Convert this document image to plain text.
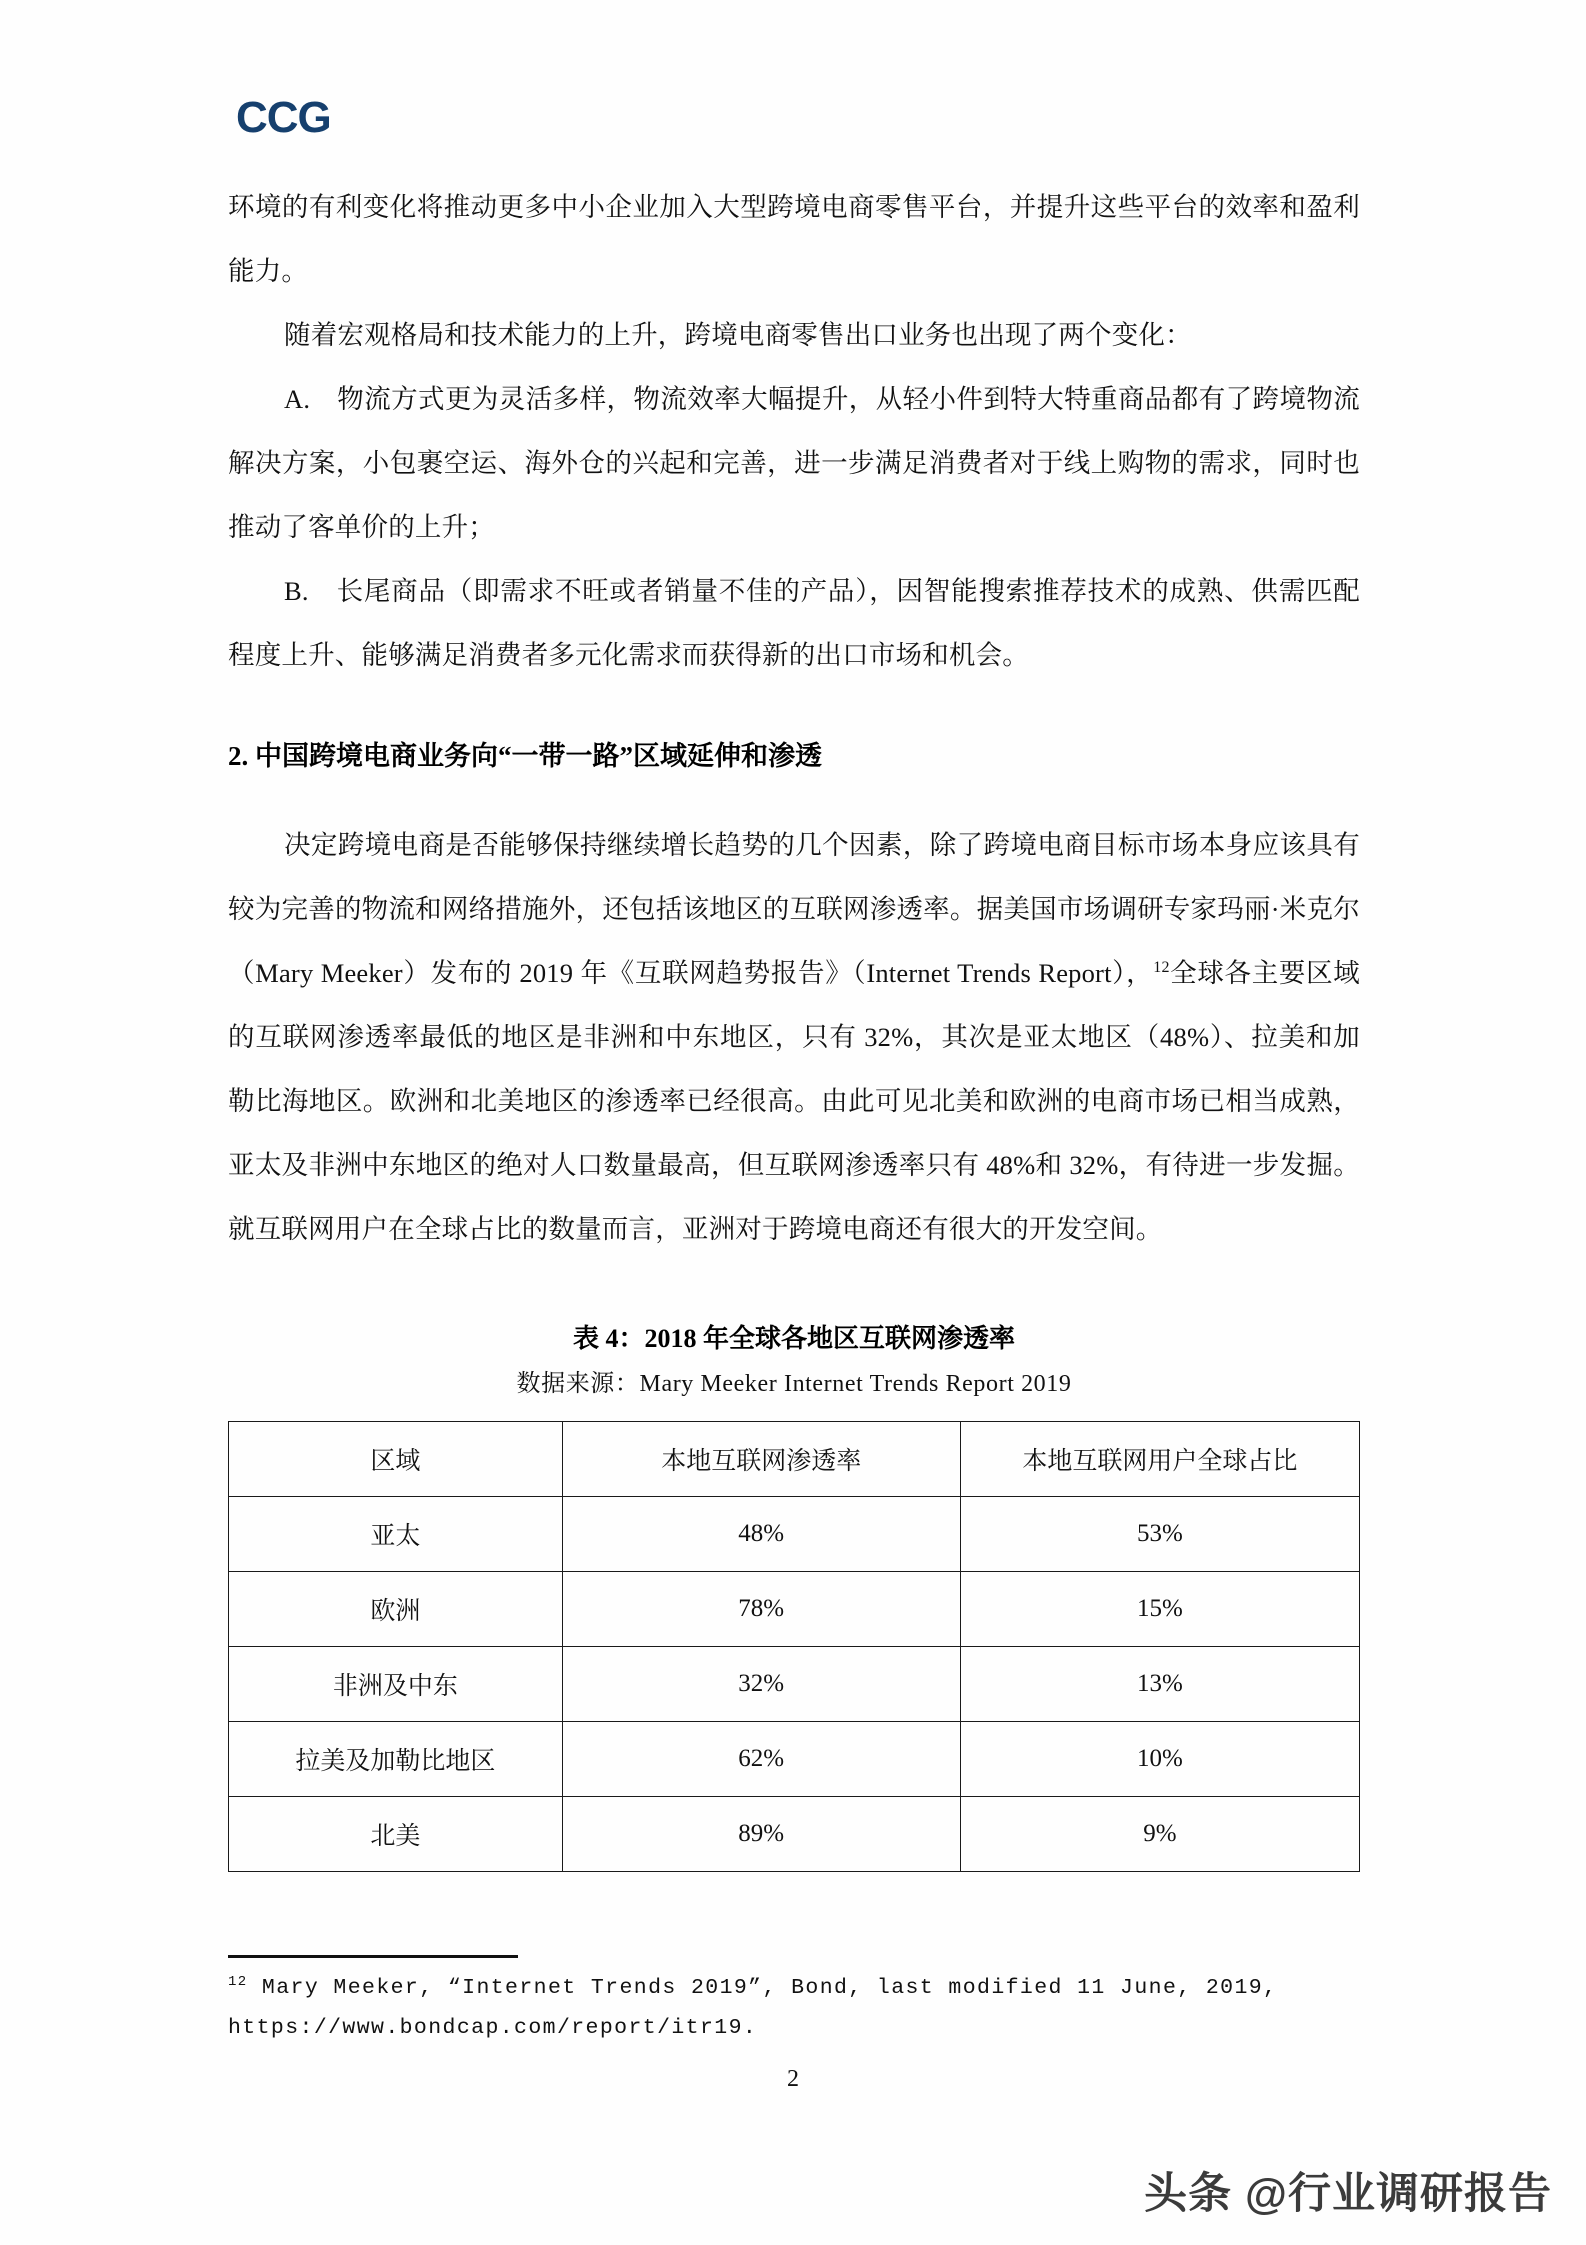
CCG

环境的有利变化将推动更多中小企业加入大型跨境电商零售平台，并提升这些平台的效率和盈利能力。

随着宏观格局和技术能力的上升，跨境电商零售出口业务也出现了两个变化：

A.　物流方式更为灵活多样，物流效率大幅提升，从轻小件到特大特重商品都有了跨境物流解决方案，小包裹空运、海外仓的兴起和完善，进一步满足消费者对于线上购物的需求，同时也推动了客单价的上升；

B.　长尾商品（即需求不旺或者销量不佳的产品），因智能搜索推荐技术的成熟、供需匹配程度上升、能够满足消费者多元化需求而获得新的出口市场和机会。

2. 中国跨境电商业务向“一带一路”区域延伸和渗透

决定跨境电商是否能够保持继续增长趋势的几个因素，除了跨境电商目标市场本身应该具有较为完善的物流和网络措施外，还包括该地区的互联网渗透率。据美国市场调研专家玛丽·米克尔（Mary Meeker）发布的 2019 年《互联网趋势报告》（Internet Trends Report），$^{12}$全球各主要区域的互联网渗透率最低的地区是非洲和中东地区，只有 32%，其次是亚太地区（48%）、拉美和加勒比海地区。欧洲和北美地区的渗透率已经很高。由此可见北美和欧洲的电商市场已相当成熟，亚太及非洲中东地区的绝对人口数量最高，但互联网渗透率只有 48%和 32%，有待进一步发掘。就互联网用户在全球占比的数量而言，亚洲对于跨境电商还有很大的开发空间。

表 4：2018 年全球各地区互联网渗透率
数据来源：Mary Meeker Internet Trends Report 2019
区域	本地互联网渗透率	本地互联网用户全球占比
亚太	48%	53%
欧洲	78%	15%
非洲及中东	32%	13%
拉美及加勒比地区	62%	10%
北美	89%	9%
$^{12}$ Mary Meeker, “Internet Trends 2019”, Bond, last modified 11 June, 2019,
https://www.bondcap.com/report/itr19.
2
头条 @行业调研报告
